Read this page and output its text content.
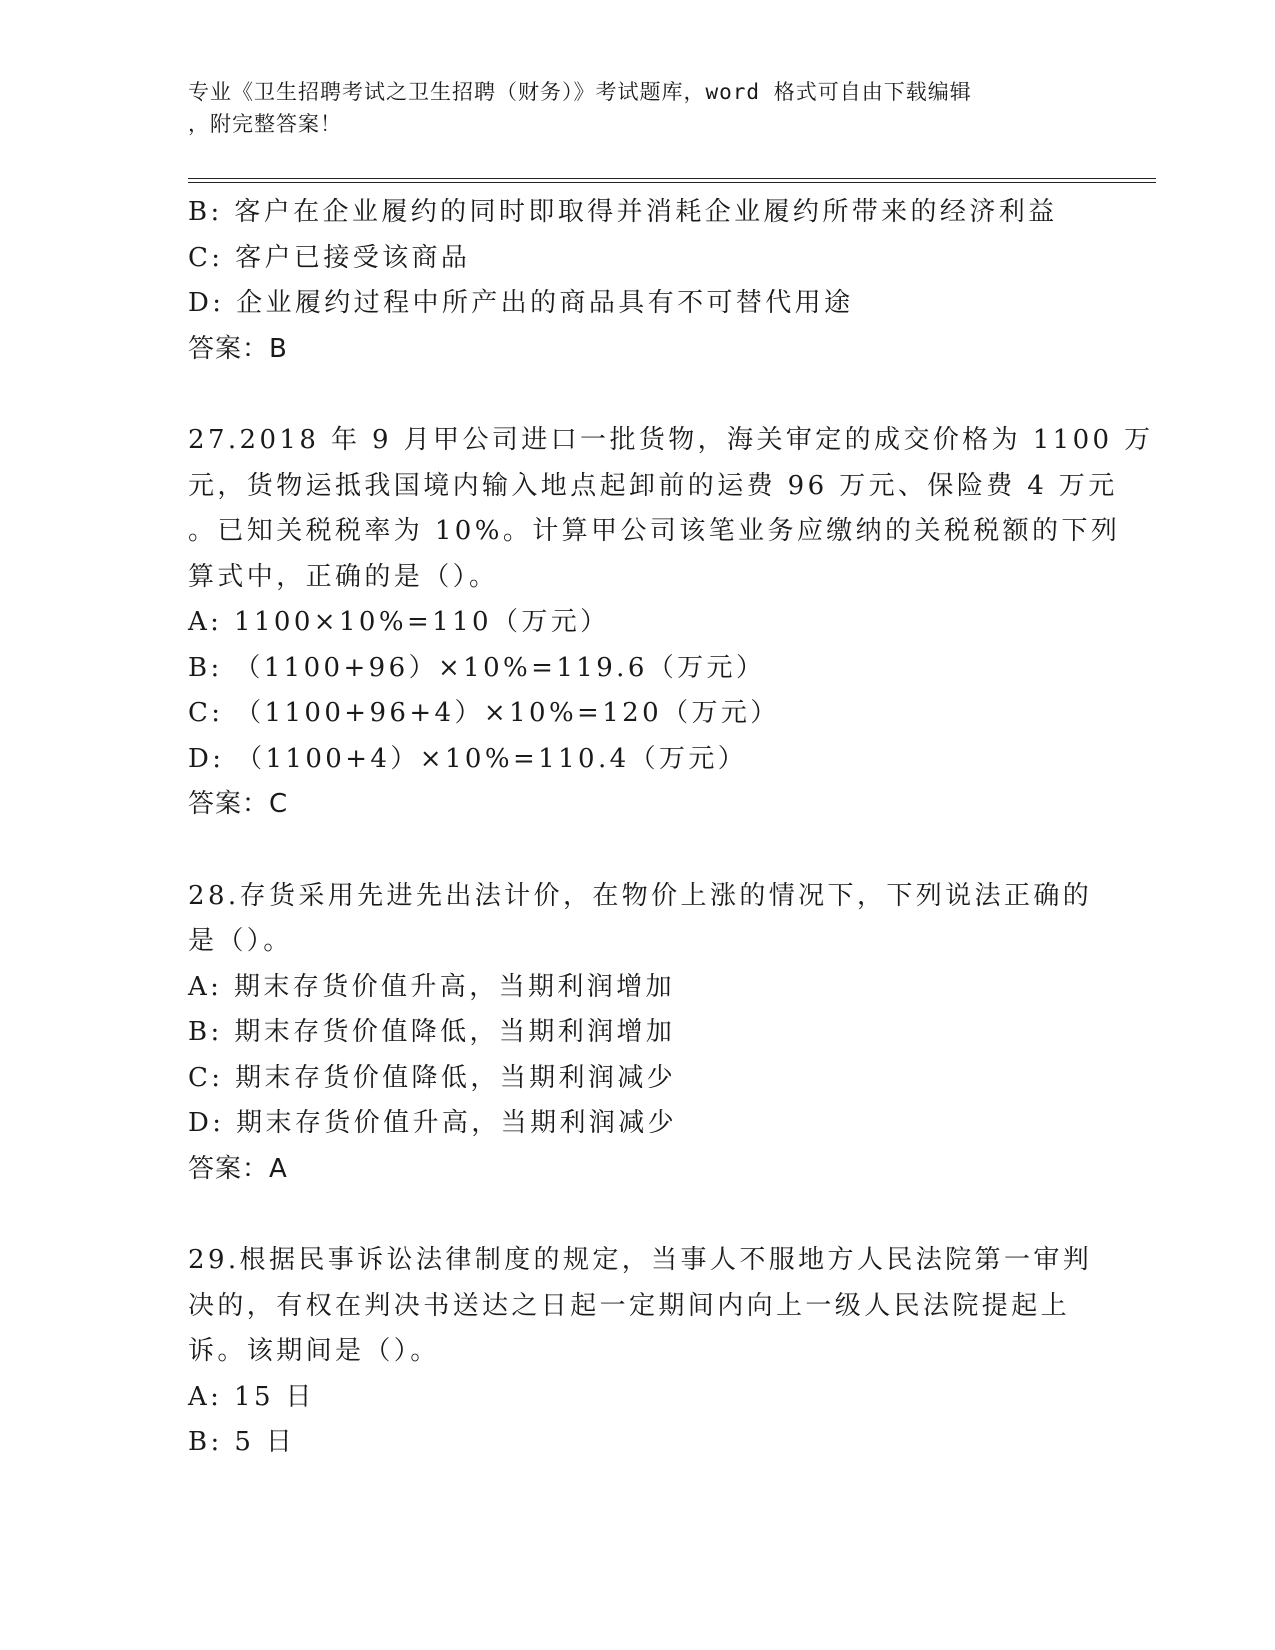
专业《卫生招聘考试之卫生招聘（财务）》考试题库，word 格式可自由下载编辑
，附完整答案！
B: 客户在企业履约的同时即取得并消耗企业履约所带来的经济利益
C: 客户已接受该商品
D: 企业履约过程中所产出的商品具有不可替代用途
答案：B
27.2018 年 9 月甲公司进口一批货物，海关审定的成交价格为 1100 万
元，货物运抵我国境内输入地点起卸前的运费 96 万元、保险费 4 万元
。已知关税税率为 10%。计算甲公司该笔业务应缴纳的关税税额的下列
算式中，正确的是（）。
A: 1100×10%=110（万元）
B: （1100+96）×10%=119.6（万元）
C: （1100+96+4）×10%=120（万元）
D: （1100+4）×10%=110.4（万元）
答案：C
28.存货采用先进先出法计价，在物价上涨的情况下，下列说法正确的
是（）。
A: 期末存货价值升高，当期利润增加
B: 期末存货价值降低，当期利润增加
C: 期末存货价值降低，当期利润减少
D: 期末存货价值升高，当期利润减少
答案：A
29.根据民事诉讼法律制度的规定，当事人不服地方人民法院第一审判
决的，有权在判决书送达之日起一定期间内向上一级人民法院提起上
诉。该期间是（）。
A: 15 日
B: 5 日
